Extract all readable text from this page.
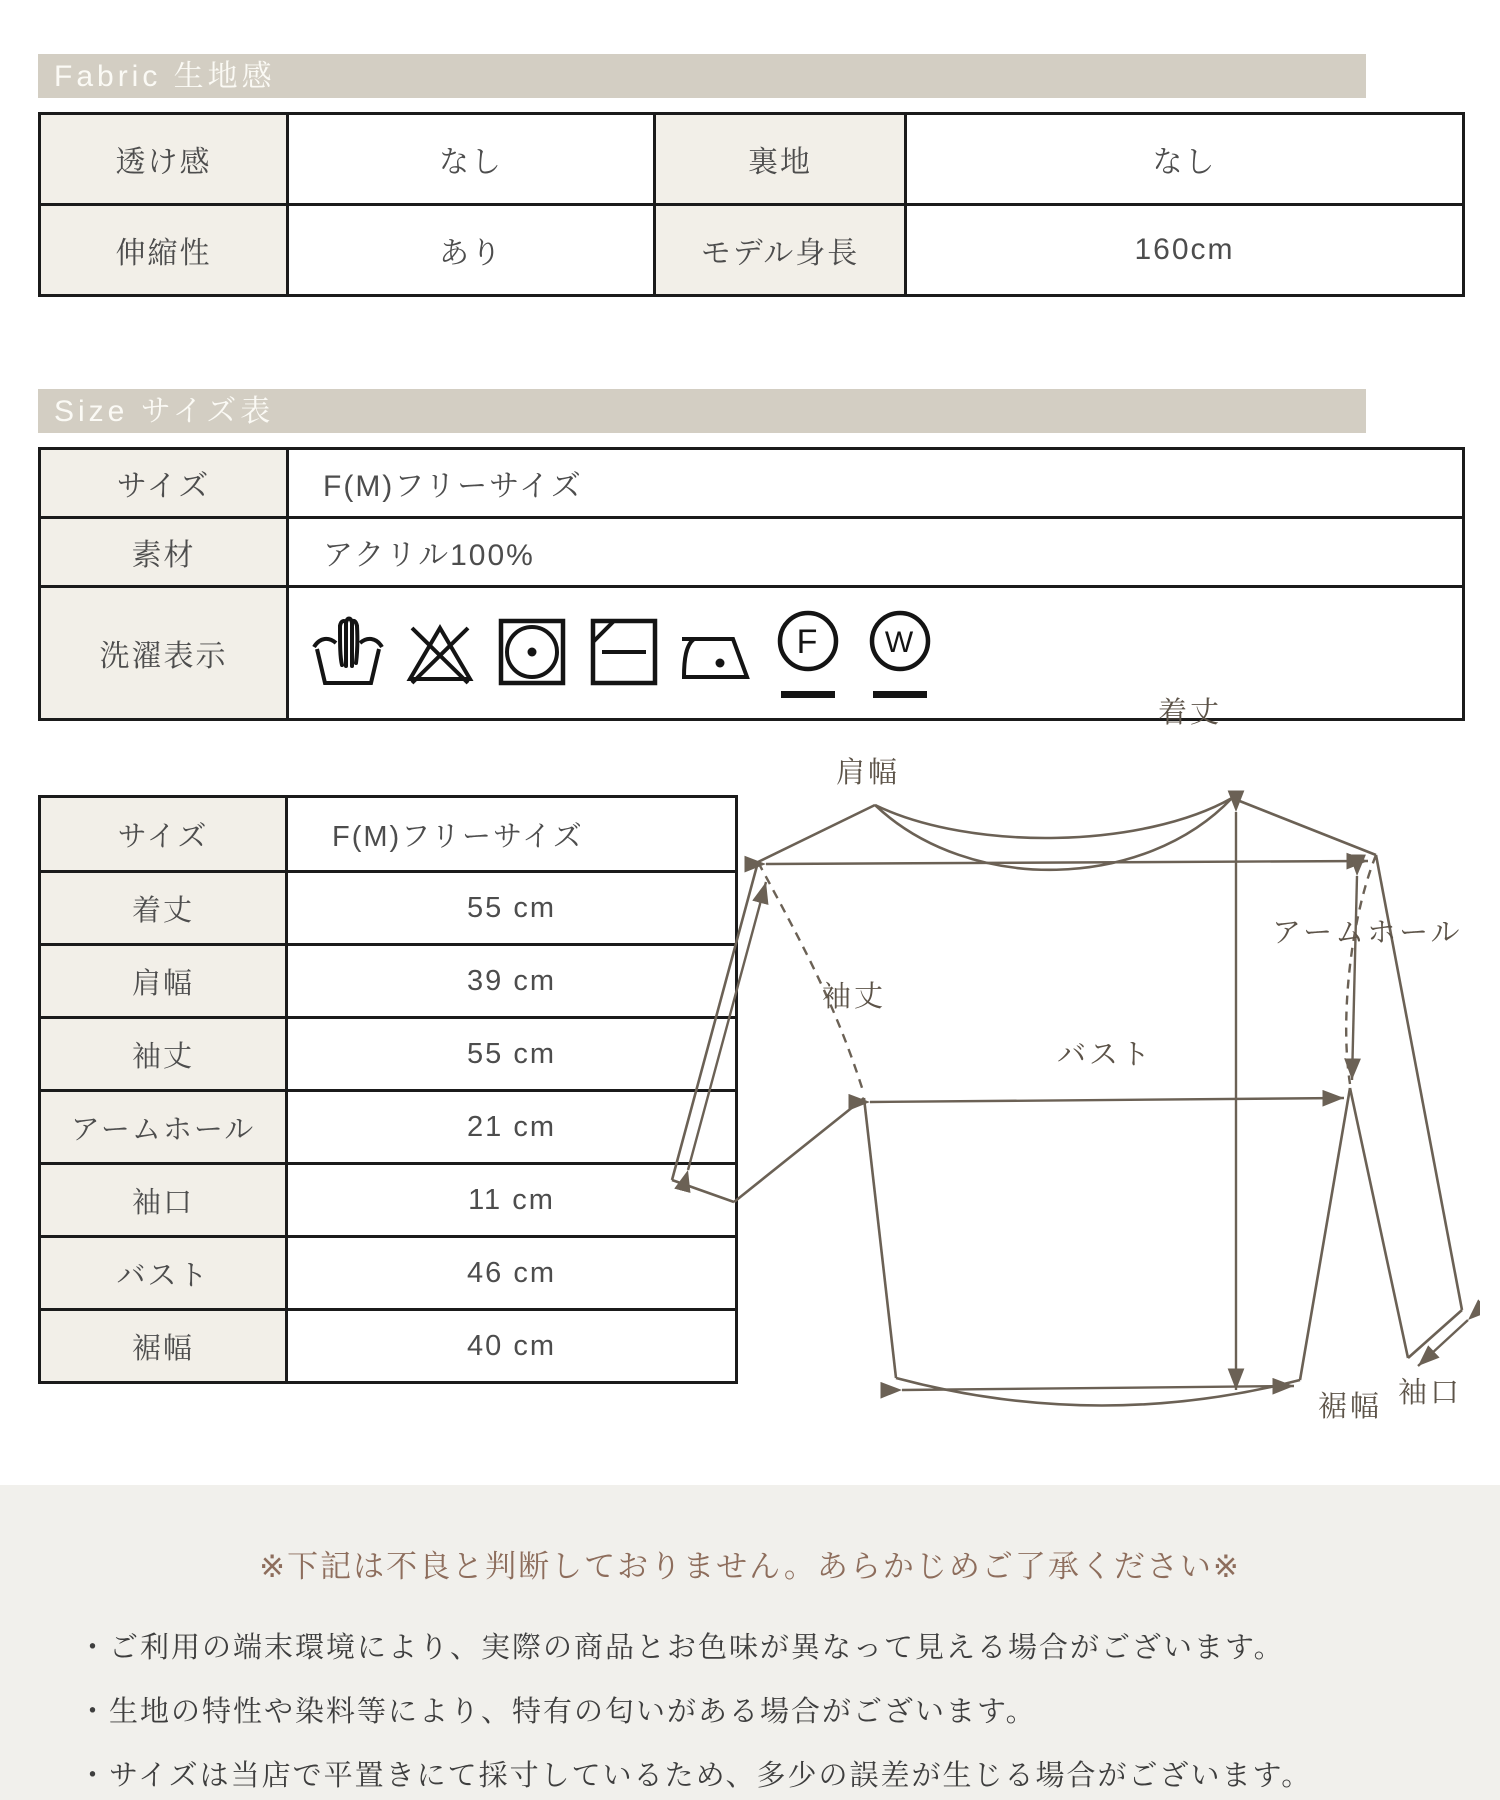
Fabric 生地感
透け感	なし	裏地	なし
伸縮性	あり	モデル身長	160cm
Size サイズ表
サイズ	F(M)フリーサイズ
素材	アクリル100%
洗濯表示	F W
サイズ	F(M)フリーサイズ
着丈	55 cm
肩幅	39 cm
袖丈	55 cm
アームホール	21 cm
袖口	11 cm
バスト	46 cm
裾幅	40 cm
着丈
肩幅
袖丈
アームホール
バスト
袖口
裾幅
※下記は不良と判断しておりません。あらかじめご了承ください※
・ご利用の端末環境により、実際の商品とお色味が異なって見える場合がございます。
・生地の特性や染料等により、特有の匂いがある場合がございます。
・サイズは当店で平置きにて採寸しているため、多少の誤差が生じる場合がございます。
